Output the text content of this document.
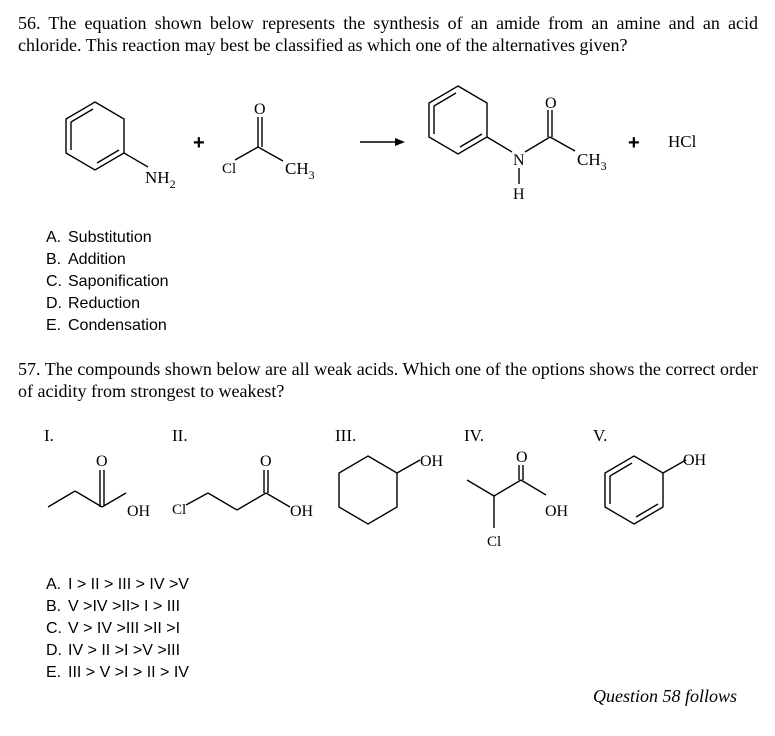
56. The equation shown below represents the synthesis of an amide from an amine and an acid chloride. This reaction may best be classified as which one of the alternatives given?
$NH_2$
+
O
Cl	$CH_3$
O
N
H
$CH_3$
+ HCl
A. Substitution
B. Addition
C. Saponification
D. Reduction
E. Condensation
57. The compounds shown below are all weak acids. Which one of the options shows the correct order of acidity from strongest to weakest?
I.	II.	III.	IV.	V.
O
OH Cl
O
OH
OH	O
OH
Cl
OH
A. I > II > III > IV >V
B. V >IV >II> I > III
C. V > IV >III >II >I
D. IV > II >I >V >III
E. III > V >I > II > IV
Question 58 follows
